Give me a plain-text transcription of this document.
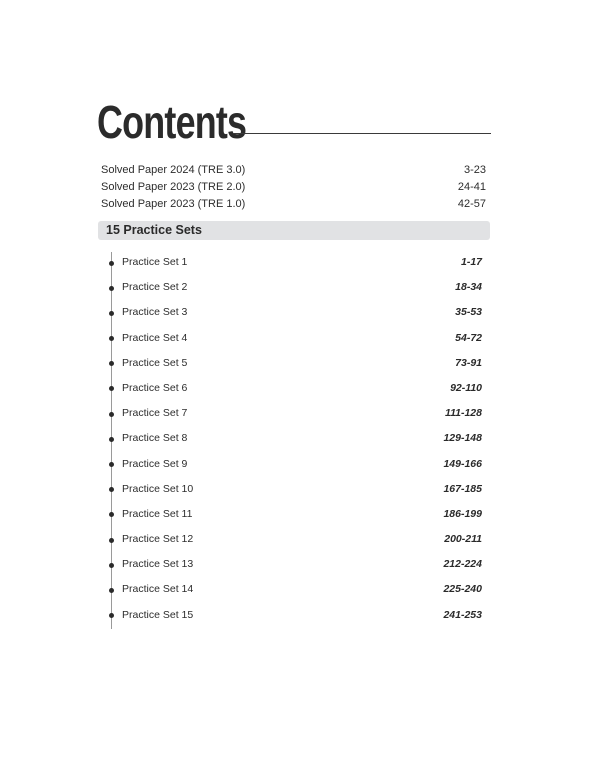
Contents
Solved Paper 2024 (TRE 3.0)	3-23
Solved Paper 2023 (TRE 2.0)	24-41
Solved Paper 2023 (TRE 1.0)	42-57
15 Practice Sets
Practice Set 1	1-17
Practice Set 2	18-34
Practice Set 3	35-53
Practice Set 4	54-72
Practice Set 5	73-91
Practice Set 6	92-110
Practice Set 7	111-128
Practice Set 8	129-148
Practice Set 9	149-166
Practice Set 10	167-185
Practice Set 11	186-199
Practice Set 12	200-211
Practice Set 13	212-224
Practice Set 14	225-240
Practice Set 15	241-253
